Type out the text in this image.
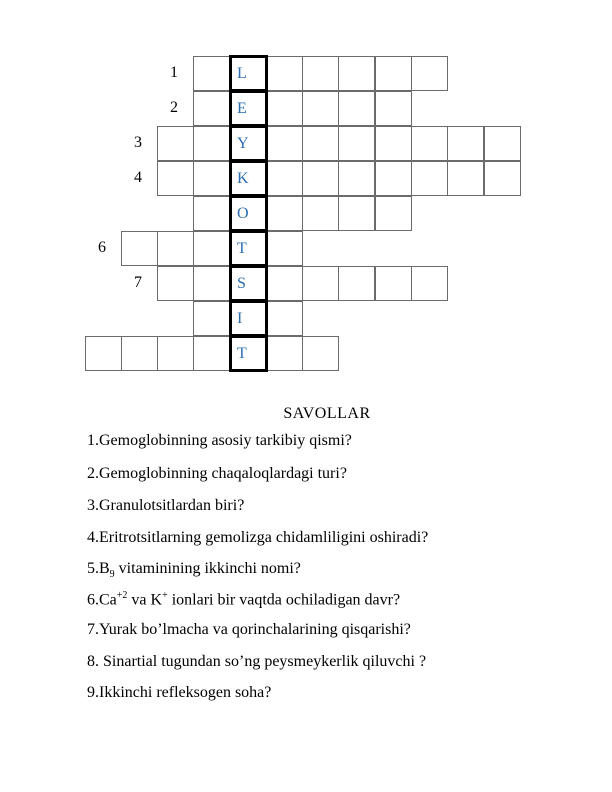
L
1
E
2
Y
3
K
4
O
T
6
S
7
I
T
SAVOLLAR
1.Gemoglobinning asosiy tarkibiy qismi?
2.Gemoglobinning chaqaloqlardagi turi?
3.Granulotsitlardan biri?
4.Eritrotsitlarning gemolizga chidamliligini oshiradi?
$5.B_9$ vitaminining ikkinchi nomi?
$6.Ca^{+2}$ va K+ ionlari bir vaqtda ochiladigan davr?
7.Yurak bo’lmacha va qorinchalarining qisqarishi?
8. Sinartial tugundan so’ng peysmeykerlik qiluvchi ?
9.Ikkinchi refleksogen soha?
